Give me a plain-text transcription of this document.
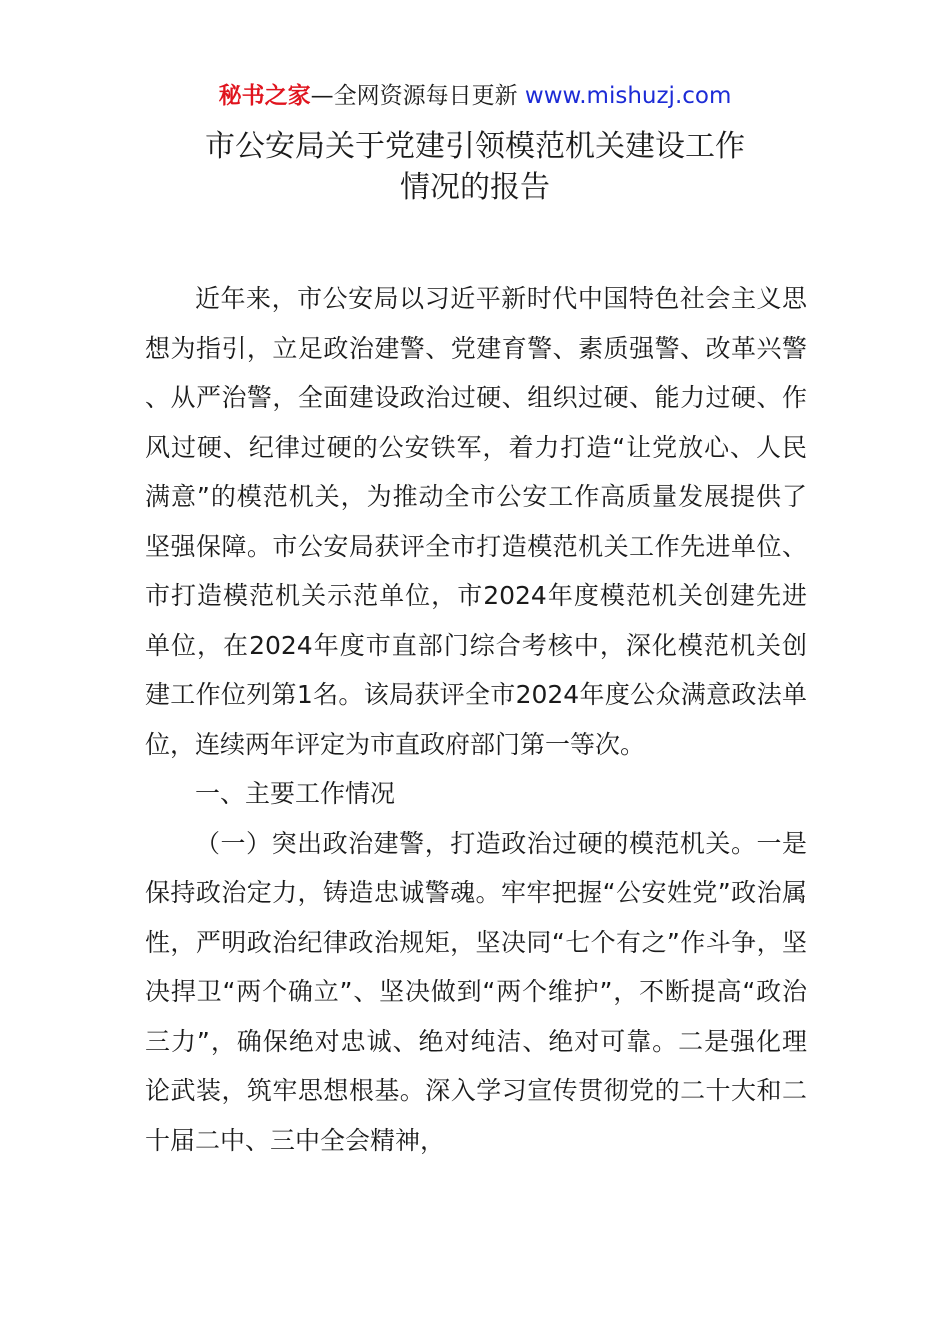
秘书之家—全网资源每日更新 www.mishuzj.com
市公安局关于党建引领模范机关建设工作
情况的报告

近年来，市公安局以习近平新时代中国特色社会主义思想为指引，立足政治建警、党建育警、素质强警、改革兴警、从严治警，全面建设政治过硬、组织过硬、能力过硬、作风过硬、纪律过硬的公安铁军，着力打造“让党放心、人民满意”的模范机关，为推动全市公安工作高质量发展提供了坚强保障。市公安局获评全市打造模范机关工作先进单位、市打造模范机关示范单位，市2024年度模范机关创建先进单位，在2024年度市直部门综合考核中，深化模范机关创建工作位列第1名。该局获评全市2024年度公众满意政法单位，连续两年评定为市直政府部门第一等次。

一、主要工作情况

（一）突出政治建警，打造政治过硬的模范机关。一是保持政治定力，铸造忠诚警魂。牢牢把握“公安姓党”政治属性，严明政治纪律政治规矩，坚决同“七个有之”作斗争，坚决捍卫“两个确立”、坚决做到“两个维护”，不断提高“政治三力”，确保绝对忠诚、绝对纯洁、绝对可靠。二是强化理论武装，筑牢思想根基。深入学习宣传贯彻党的二十大和二十届二中、三中全会精神，
